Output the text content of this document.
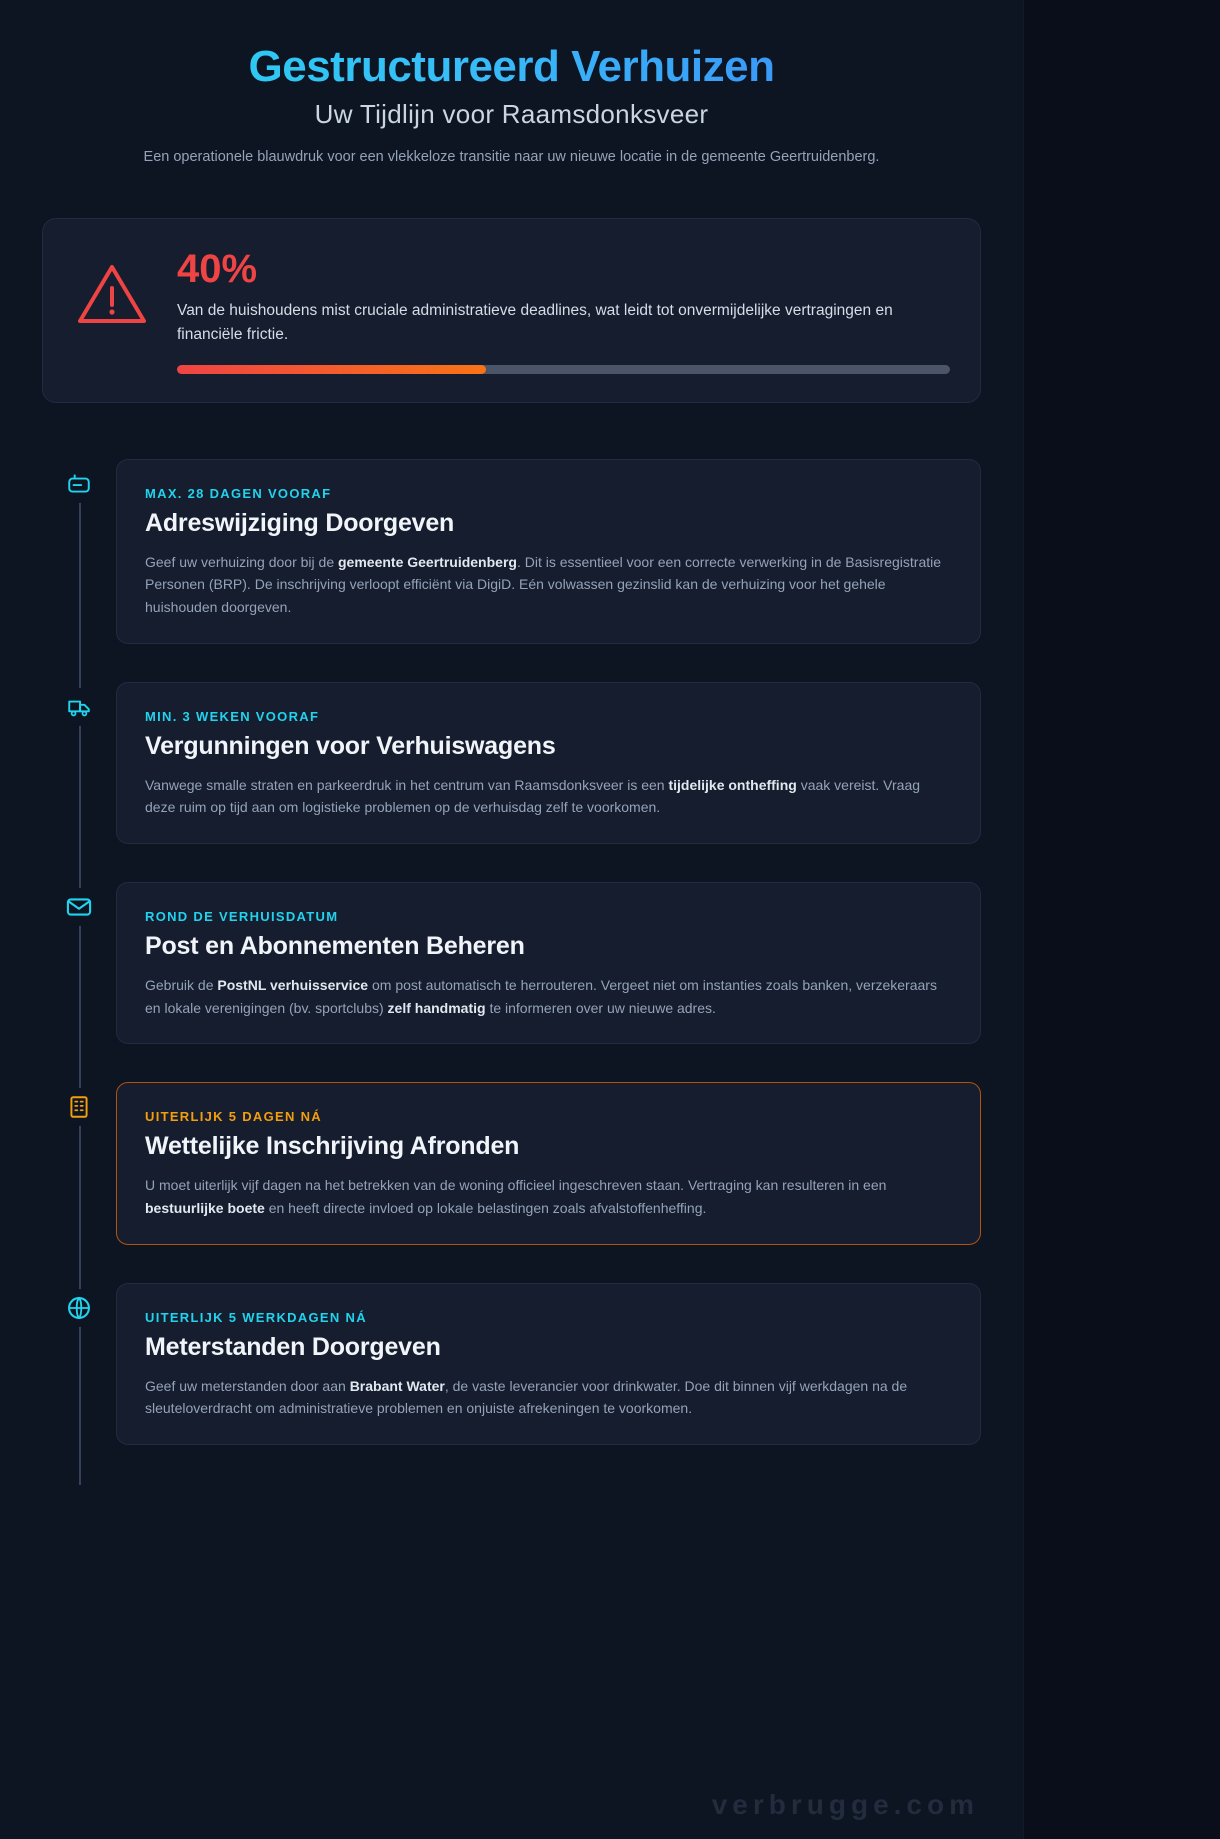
Gestructureerd Verhuizen
Uw Tijdlijn voor Raamsdonksveer
Een operationele blauwdruk voor een vlekkeloze transitie naar uw nieuwe locatie in de gemeente Geertruidenberg.
40%
Van de huishoudens mist cruciale administratieve deadlines, wat leidt tot onvermijdelijke vertragingen en financiële frictie.
MAX. 28 DAGEN VOORAF
Adreswijziging Doorgeven
Geef uw verhuizing door bij de gemeente Geertruidenberg. Dit is essentieel voor een correcte verwerking in de Basisregistratie Personen (BRP). De inschrijving verloopt efficiënt via DigiD. Eén volwassen gezinslid kan de verhuizing voor het gehele huishouden doorgeven.
MIN. 3 WEKEN VOORAF
Vergunningen voor Verhuiswagens
Vanwege smalle straten en parkeerdruk in het centrum van Raamsdonksveer is een tijdelijke ontheffing vaak vereist. Vraag deze ruim op tijd aan om logistieke problemen op de verhuisdag zelf te voorkomen.
ROND DE VERHUISDATUM
Post en Abonnementen Beheren
Gebruik de PostNL verhuisservice om post automatisch te herrouteren. Vergeet niet om instanties zoals banken, verzekeraars en lokale verenigingen (bv. sportclubs) zelf handmatig te informeren over uw nieuwe adres.
UITERLIJK 5 DAGEN NÁ
Wettelijke Inschrijving Afronden
U moet uiterlijk vijf dagen na het betrekken van de woning officieel ingeschreven staan. Vertraging kan resulteren in een bestuurlijke boete en heeft directe invloed op lokale belastingen zoals afvalstoffenheffing.
UITERLIJK 5 WERKDAGEN NÁ
Meterstanden Doorgeven
Geef uw meterstanden door aan Brabant Water, de vaste leverancier voor drinkwater. Doe dit binnen vijf werkdagen na de sleuteloverdracht om administratieve problemen en onjuiste afrekeningen te voorkomen.
verbrugge.com
